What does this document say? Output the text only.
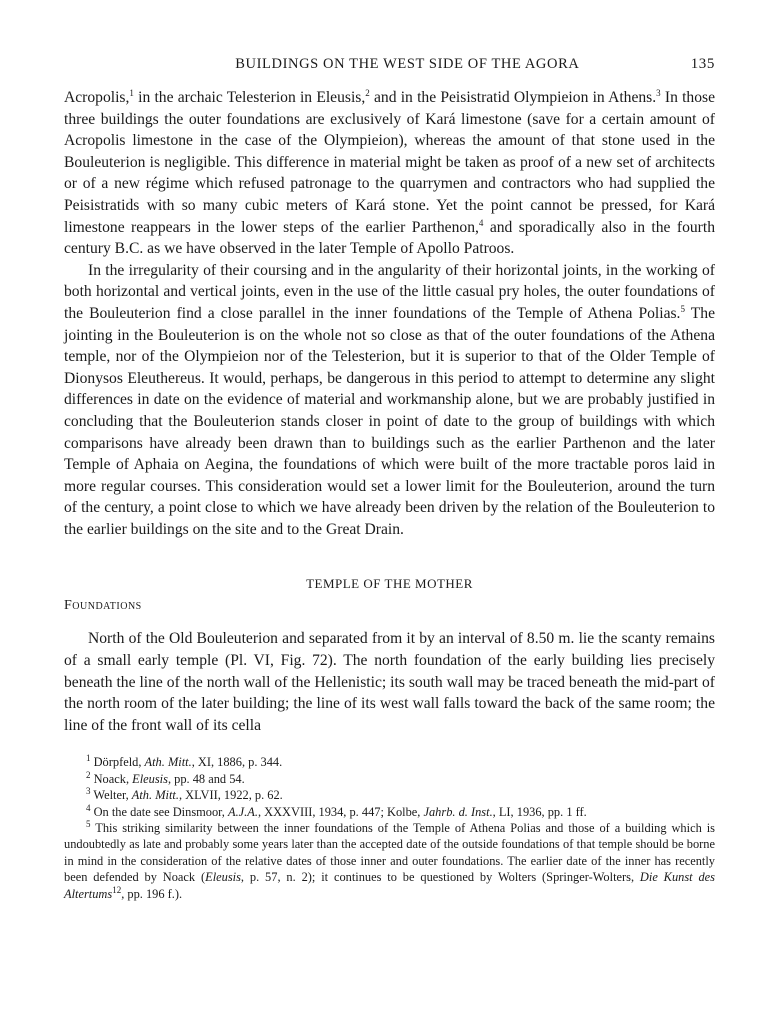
BUILDINGS ON THE WEST SIDE OF THE AGORA	135

Acropolis,$^1$ in the archaic Telesterion in Eleusis,$^2$ and in the Peisistratid Olympieion in Athens.$^3$ In those three buildings the outer foundations are exclusively of Kará limestone (save for a certain amount of Acropolis limestone in the case of the Olympieion), whereas the amount of that stone used in the Bouleuterion is negligible. This difference in material might be taken as proof of a new set of architects or of a new régime which refused patronage to the quarrymen and contractors who had supplied the Peisistratids with so many cubic meters of Kará stone. Yet the point cannot be pressed, for Kará limestone reappears in the lower steps of the earlier Parthenon,$^4$ and sporadically also in the fourth century B.C. as we have observed in the later Temple of Apollo Patroos.

In the irregularity of their coursing and in the angularity of their horizontal joints, in the working of both horizontal and vertical joints, even in the use of the little casual pry holes, the outer foundations of the Bouleuterion find a close parallel in the inner foundations of the Temple of Athena Polias.$^5$ The jointing in the Bouleuterion is on the whole not so close as that of the outer foundations of the Athena temple, nor of the Olympieion nor of the Telesterion, but it is superior to that of the Older Temple of Dionysos Eleuthereus. It would, perhaps, be dangerous in this period to attempt to determine any slight differences in date on the evidence of material and workmanship alone, but we are probably justified in concluding that the Bouleuterion stands closer in point of date to the group of buildings with which comparisons have already been drawn than to buildings such as the earlier Parthenon and the later Temple of Aphaia on Aegina, the foundations of which were built of the more tractable poros laid in more regular courses. This consideration would set a lower limit for the Bouleuterion, around the turn of the century, a point close to which we have already been driven by the relation of the Bouleuterion to the earlier buildings on the site and to the Great Drain.

TEMPLE OF THE MOTHER
Foundations

North of the Old Bouleuterion and separated from it by an interval of 8.50 m. lie the scanty remains of a small early temple (Pl. VI, Fig. 72). The north foundation of the early building lies precisely beneath the line of the north wall of the Hellenistic; its south wall may be traced beneath the mid-part of the north room of the later building; the line of its west wall falls toward the back of the same room; the line of the front wall of its cella

$^1$ Dörpfeld, Ath. Mitt., XI, 1886, p. 344.

$^2$ Noack, Eleusis, pp. 48 and 54.

$^3$ Welter, Ath. Mitt., XLVII, 1922, p. 62.

$^4$ On the date see Dinsmoor, A.J.A., XXXVIII, 1934, p. 447; Kolbe, Jahrb. d. Inst., LI, 1936, pp. 1 ff.

$^5$ This striking similarity between the inner foundations of the Temple of Athena Polias and those of a building which is undoubtedly as late and probably some years later than the accepted date of the outside foundations of that temple should be borne in mind in the consideration of the relative dates of those inner and outer foundations. The earlier date of the inner has recently been defended by Noack (Eleusis, p. 57, n. 2); it continues to be questioned by Wolters (Springer-Wolters, Die Kunst des Altertums$^{12}$, pp. 196 f.).
